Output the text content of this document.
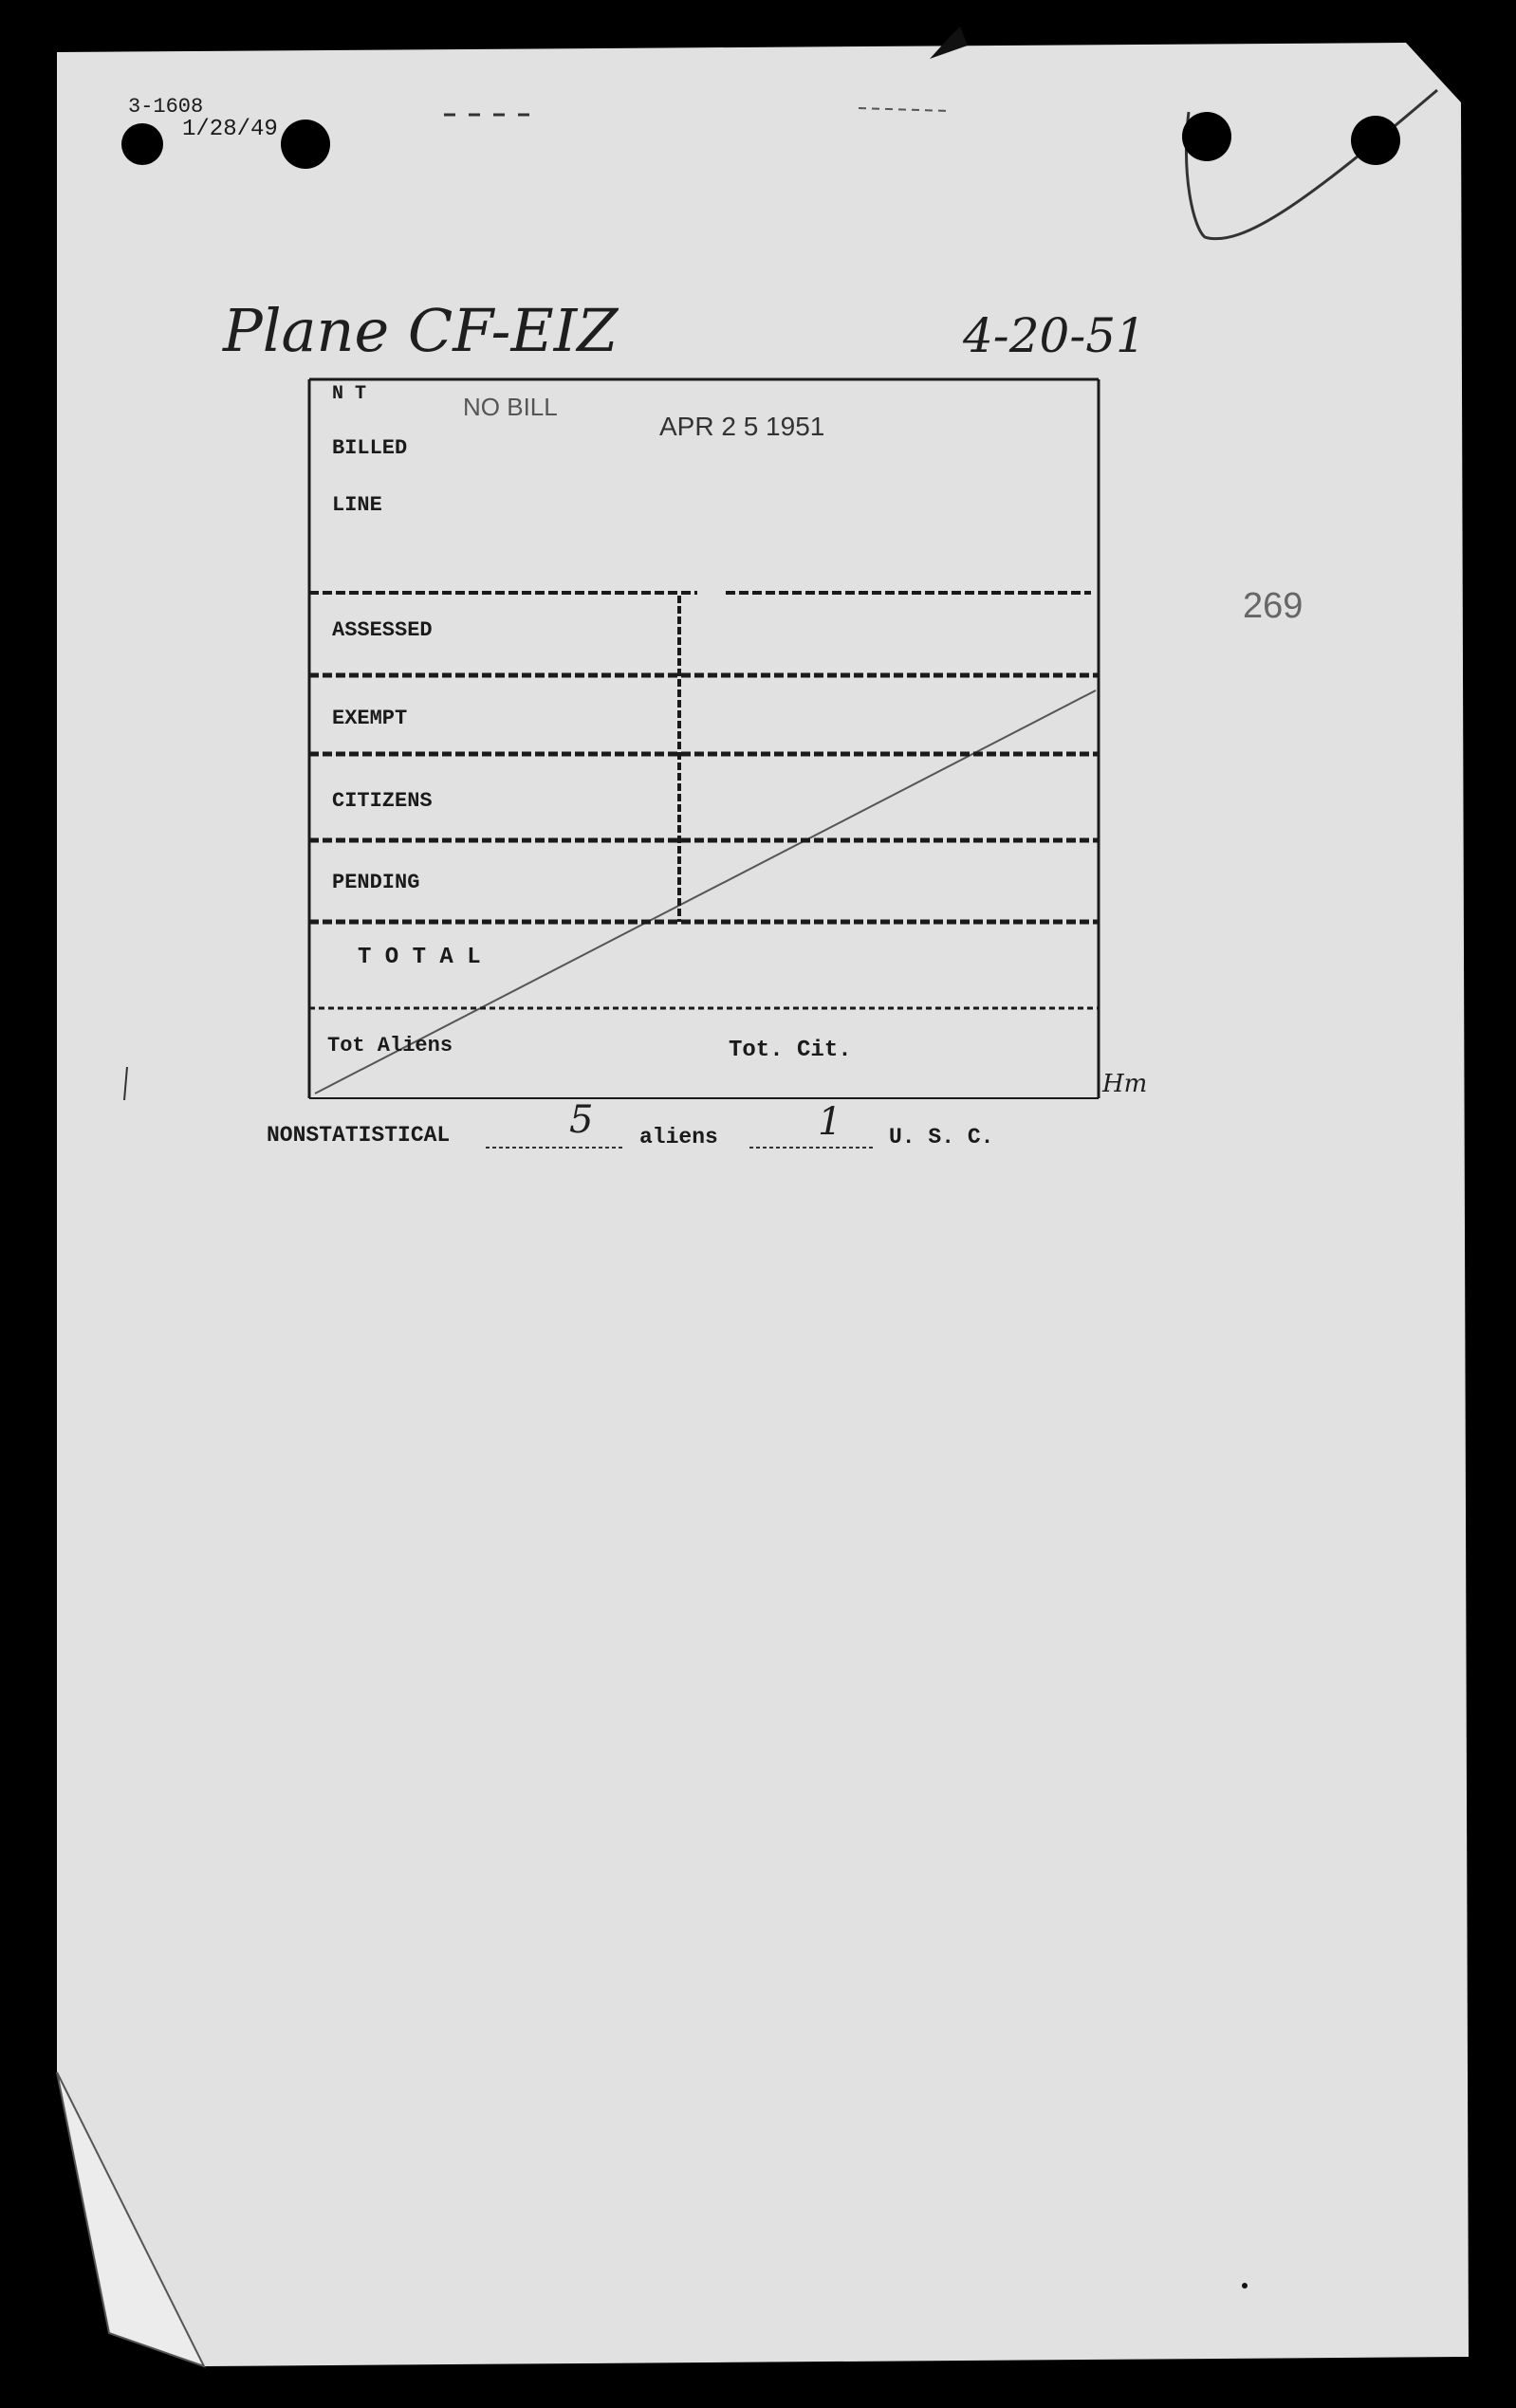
3-1608
1/28/49
Plane CF-EIZ	4-20-51
269
NO BILL
APR 2 5 1951
N T
BILLED
LINE
ASSESSED
EXEMPT
CITIZENS
PENDING
T O T A L
Tot Aliens	Tot. Cit.
Hm
NONSTATISTICAL	5 aliens	1 U. S. C.
